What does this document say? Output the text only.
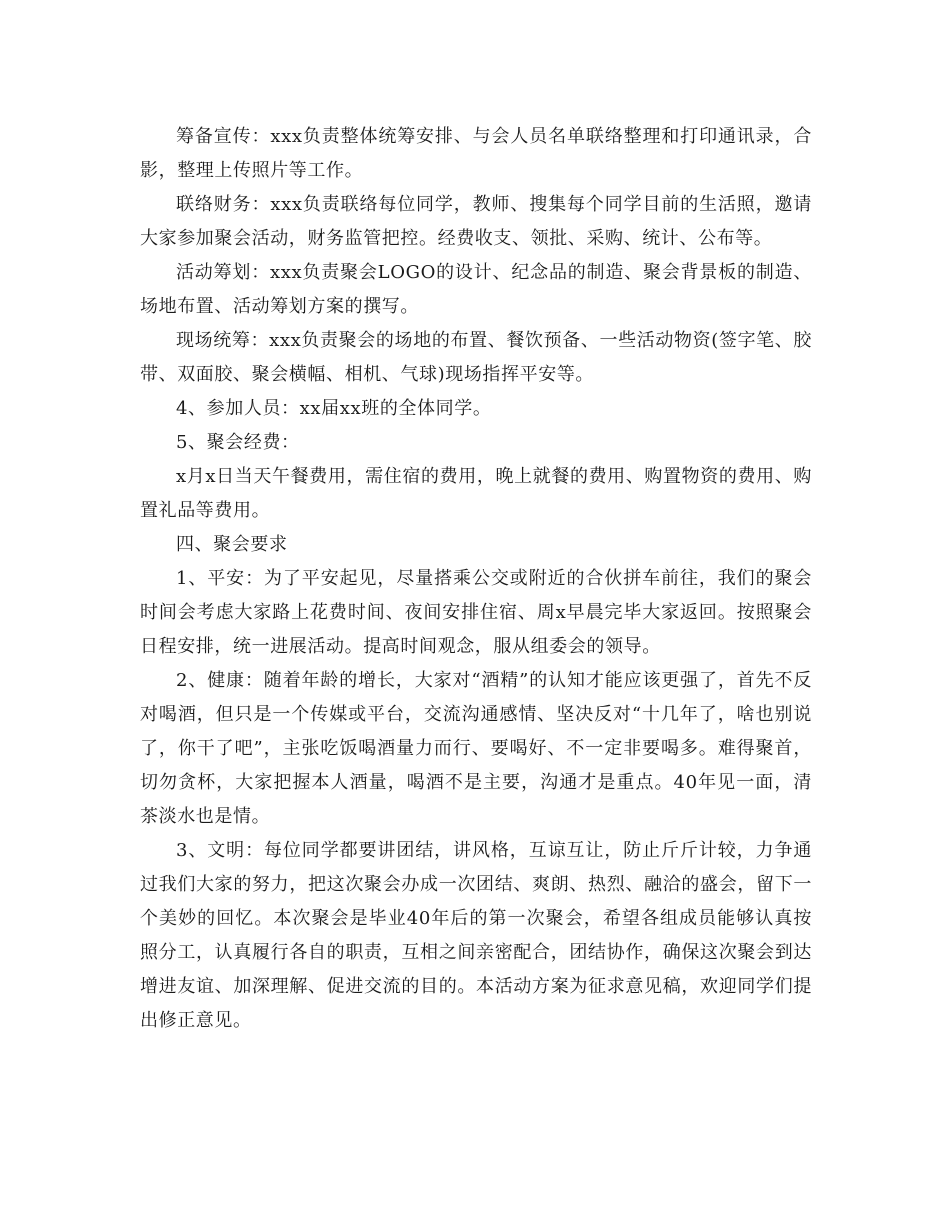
筹备宣传：xxx负责整体统筹安排、与会人员名单联络整理和打印通讯录，合影，整理上传照片等工作。

联络财务：xxx负责联络每位同学，教师、搜集每个同学目前的生活照，邀请大家参加聚会活动，财务监管把控。经费收支、领批、采购、统计、公布等。

活动筹划：xxx负责聚会LOGO的设计、纪念品的制造、聚会背景板的制造、场地布置、活动筹划方案的撰写。

现场统筹：xxx负责聚会的场地的布置、餐饮预备、一些活动物资(签字笔、胶带、双面胶、聚会横幅、相机、气球)现场指挥平安等。

4、参加人员：xx届xx班的全体同学。

5、聚会经费：

x月x日当天午餐费用，需住宿的费用，晚上就餐的费用、购置物资的费用、购置礼品等费用。

四、聚会要求

1、平安：为了平安起见，尽量搭乘公交或附近的合伙拼车前往，我们的聚会时间会考虑大家路上花费时间、夜间安排住宿、周x早晨完毕大家返回。按照聚会日程安排，统一进展活动。提高时间观念，服从组委会的领导。

2、健康：随着年龄的增长，大家对“酒精”的认知才能应该更强了，首先不反对喝酒，但只是一个传媒或平台，交流沟通感情、坚决反对“十几年了，啥也别说了，你干了吧”，主张吃饭喝酒量力而行、要喝好、不一定非要喝多。难得聚首，切勿贪杯，大家把握本人酒量，喝酒不是主要，沟通才是重点。40年见一面，清茶淡水也是情。

3、文明：每位同学都要讲团结，讲风格，互谅互让，防止斤斤计较，力争通过我们大家的努力，把这次聚会办成一次团结、爽朗、热烈、融洽的盛会，留下一个美妙的回忆。本次聚会是毕业40年后的第一次聚会，希望各组成员能够认真按照分工，认真履行各自的职责，互相之间亲密配合，团结协作，确保这次聚会到达增进友谊、加深理解、促进交流的目的。本活动方案为征求意见稿，欢迎同学们提出修正意见。
